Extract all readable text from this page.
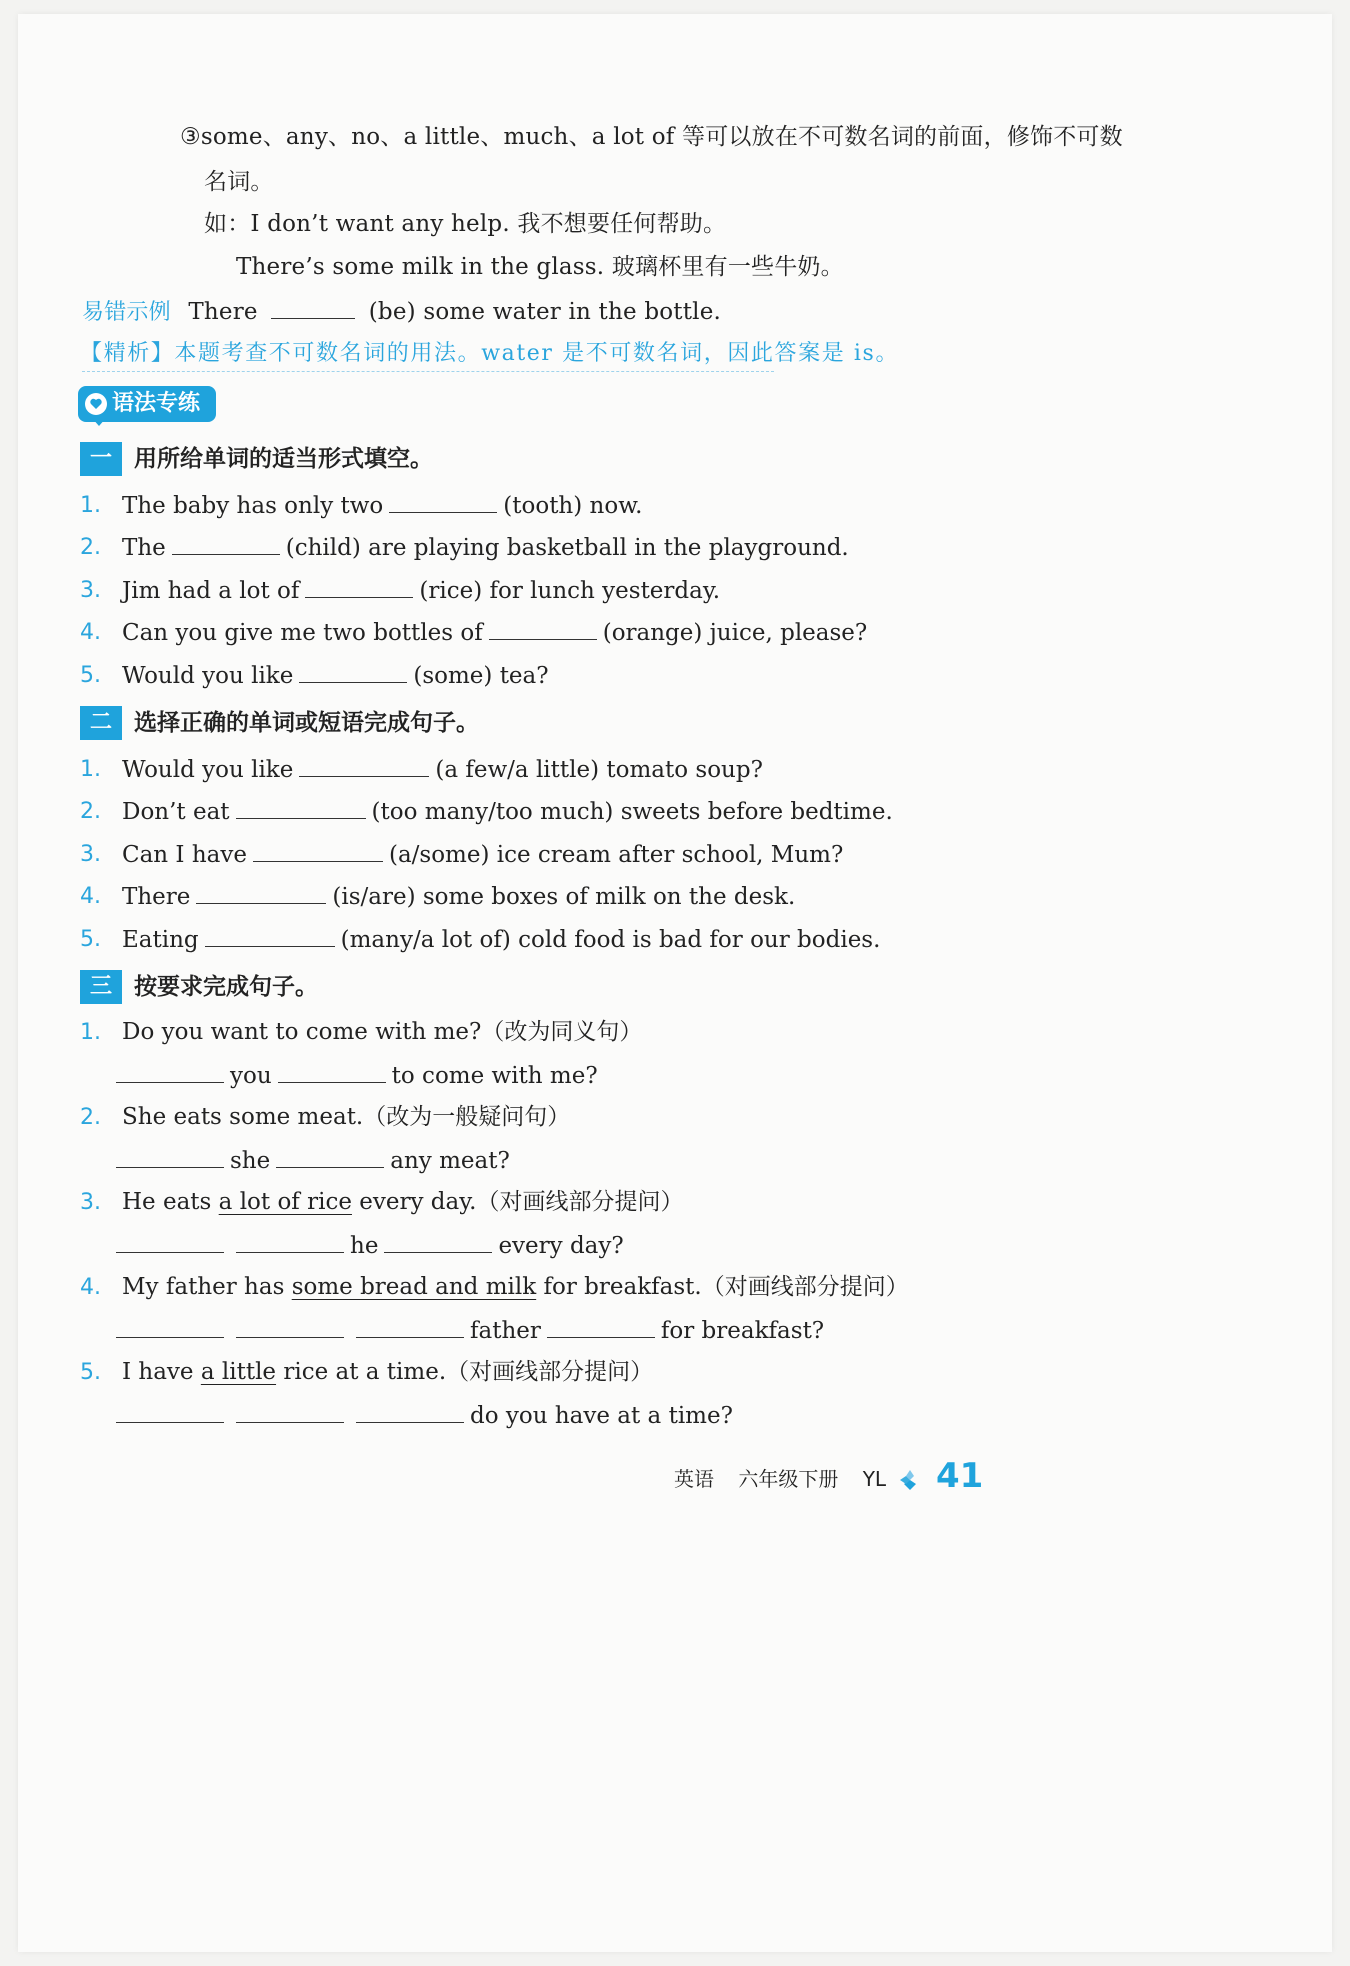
③some、any、no、a little、much、a lot of 等可以放在不可数名词的前面，修饰不可数
名词。
如：I don’t want any help. 我不想要任何帮助。
There’s some milk in the glass. 玻璃杯里有一些牛奶。
易错示例 There	(be) some water in the bottle.
【精析】本题考查不可数名词的用法。water 是不可数名词，因此答案是 is。
语法专练
一 用所给单词的适当形式填空。
1. The baby has only two	(tooth) now.
2. The	(child) are playing basketball in the playground.
3. Jim had a lot of	(rice) for lunch yesterday.
4. Can you give me two bottles of	(orange) juice, please?
5. Would you like	(some) tea?
二 选择正确的单词或短语完成句子。
1. Would you like	(a few/a little) tomato soup?
2. Don’t eat	(too many/too much) sweets before bedtime.
3. Can I have	(a/some) ice cream after school, Mum?
4. There	(is/are) some boxes of milk on the desk.
5. Eating	(many/a lot of) cold food is bad for our bodies.
三 按要求完成句子。
1. Do you want to come with me?（改为同义句）
you	to come with me?
2. She eats some meat.（改为一般疑问句）
she	any meat?
3. He eats a lot of rice every day.（对画线部分提问）
he	every day?
4. My father has some bread and milk for breakfast.（对画线部分提问）
father	for breakfast?
5. I have a little rice at a time.（对画线部分提问）
do you have at a time?
英语 六年级下册 YL 41
